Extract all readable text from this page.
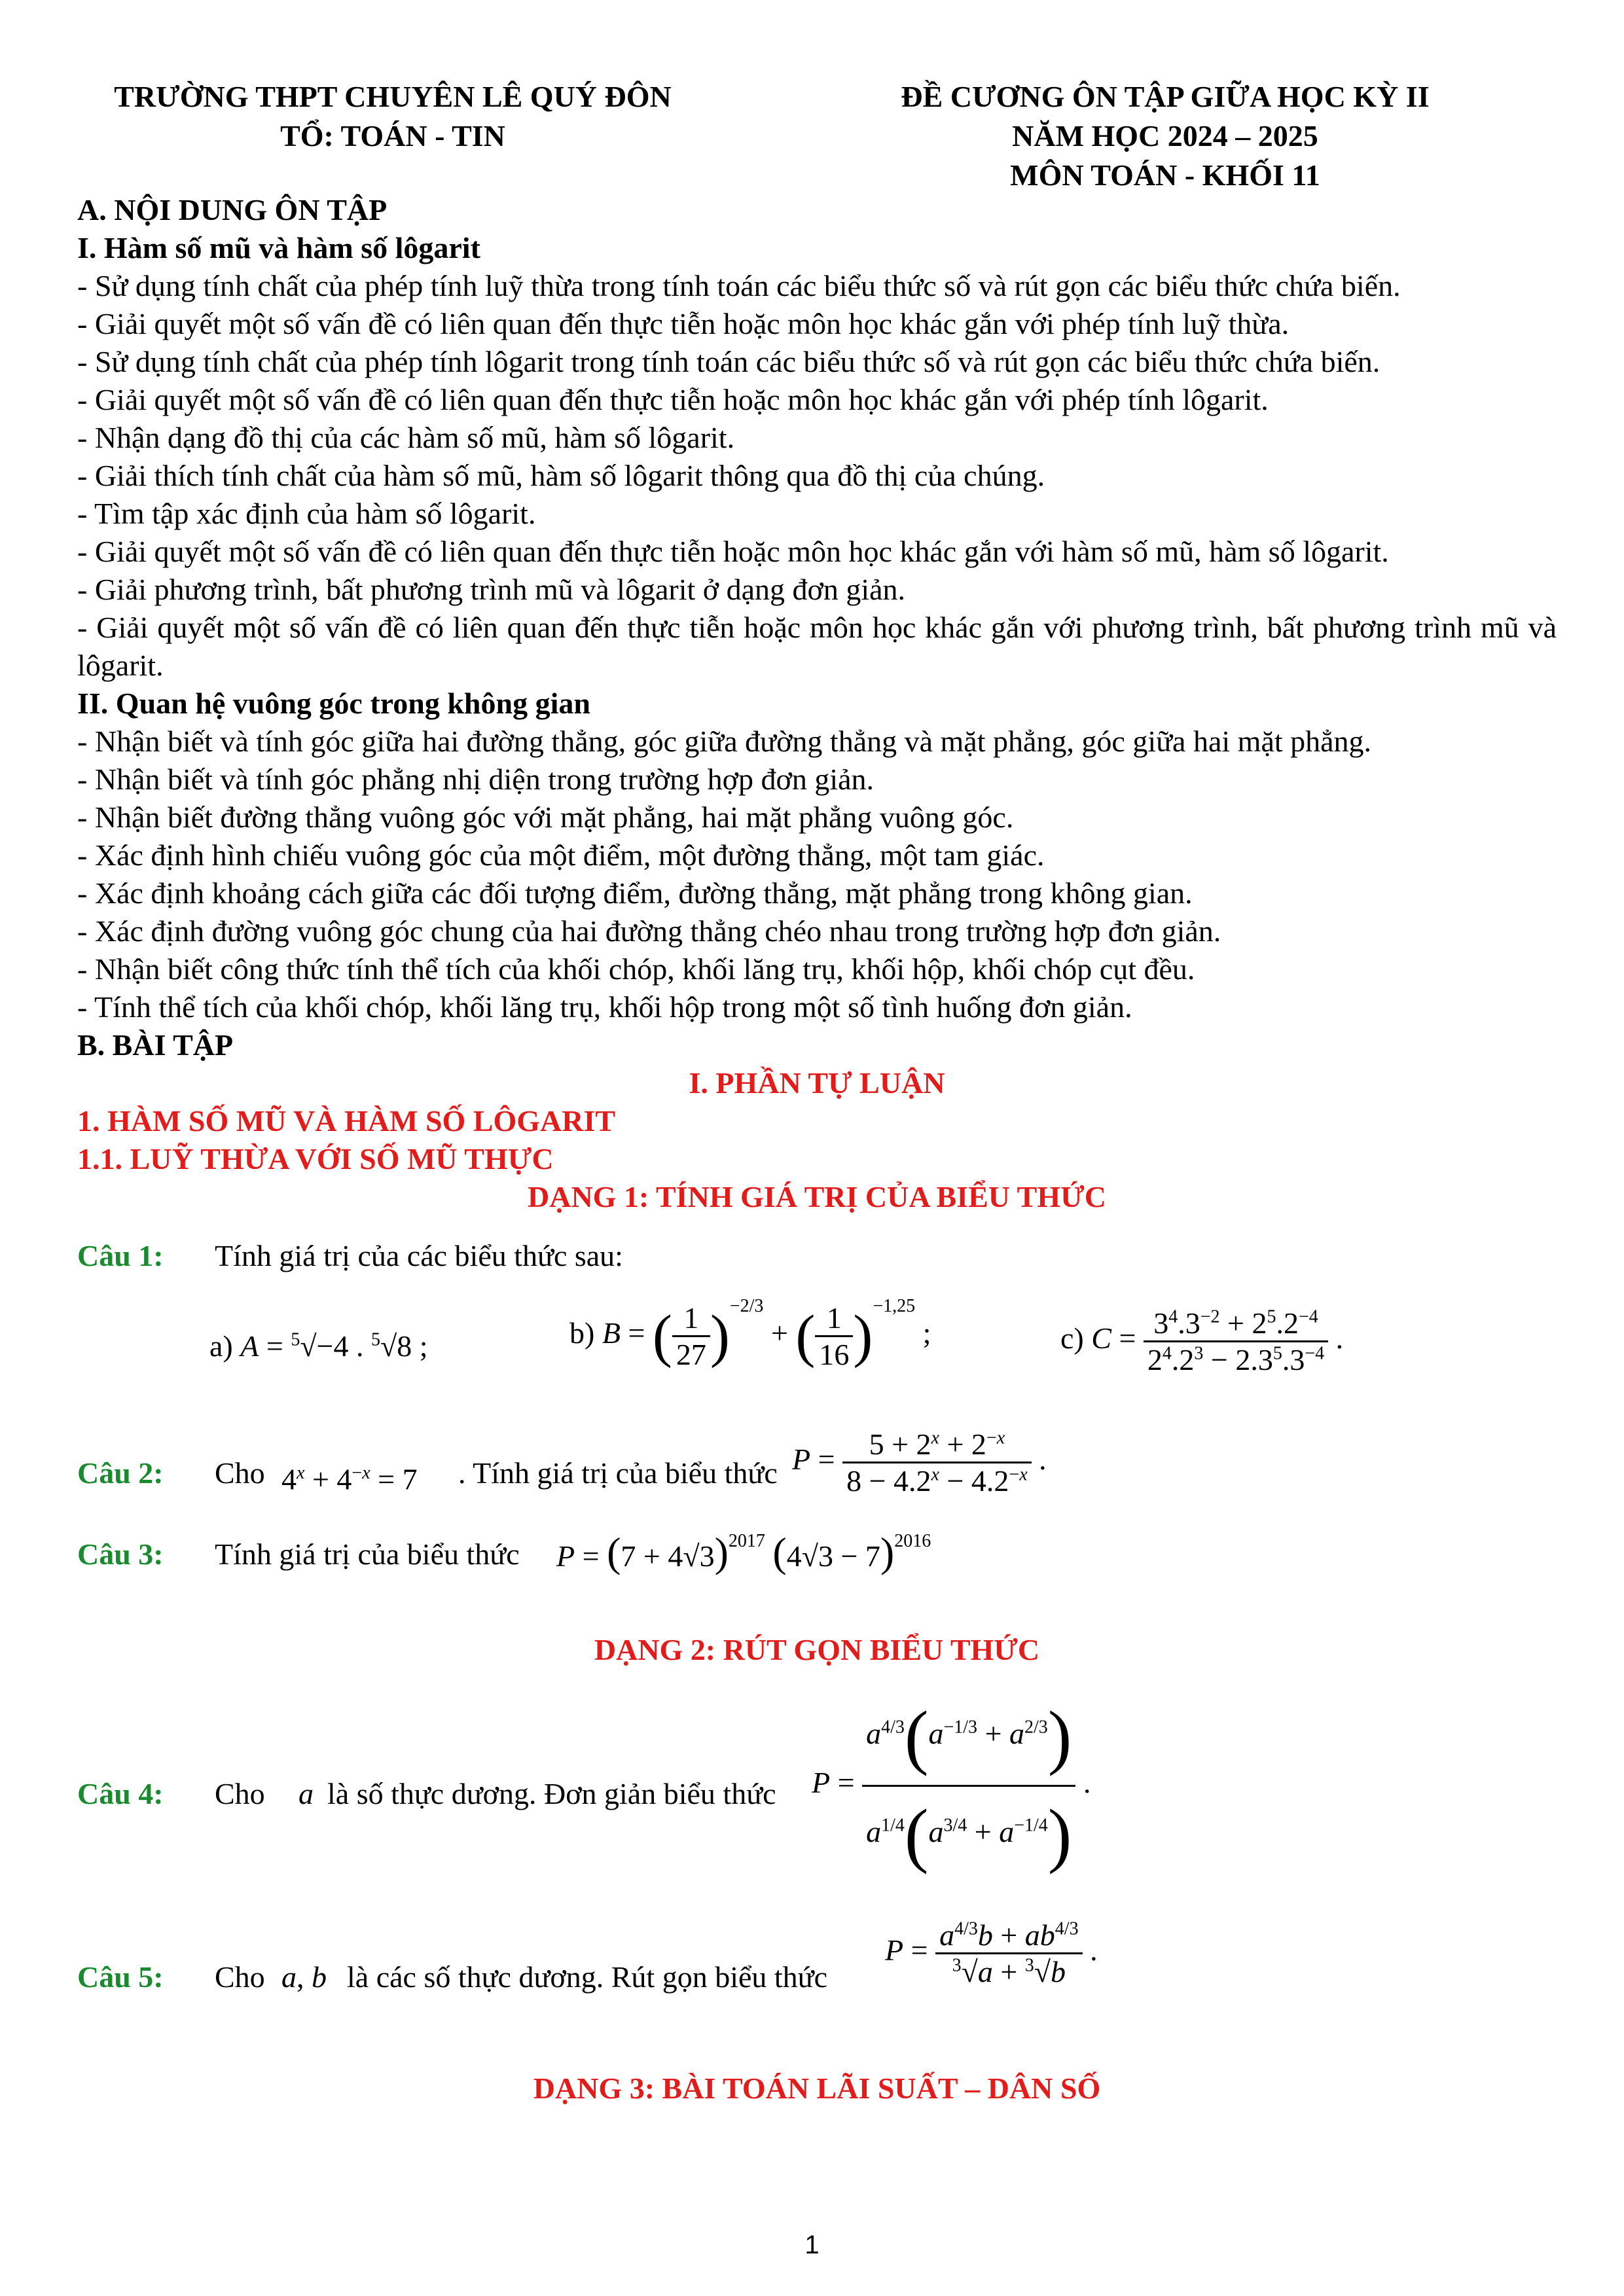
TRƯỜNG THPT CHUYÊN LÊ QUÝ ĐÔN
TỔ: TOÁN - TIN
ĐỀ CƯƠNG ÔN TẬP GIỮA HỌC KỲ II
NĂM HỌC 2024 – 2025
MÔN TOÁN - KHỐI 11
A. NỘI DUNG ÔN TẬP
I. Hàm số mũ và hàm số lôgarit
- Sử dụng tính chất của phép tính luỹ thừa trong tính toán các biểu thức số và rút gọn các biểu thức chứa biến.
- Giải quyết một số vấn đề có liên quan đến thực tiễn hoặc môn học khác gắn với phép tính luỹ thừa.
- Sử dụng tính chất của phép tính lôgarit trong tính toán các biểu thức số và rút gọn các biểu thức chứa biến.
- Giải quyết một số vấn đề có liên quan đến thực tiễn hoặc môn học khác gắn với phép tính lôgarit.
- Nhận dạng đồ thị của các hàm số mũ, hàm số lôgarit.
- Giải thích tính chất của hàm số mũ, hàm số lôgarit thông qua đồ thị của chúng.
- Tìm tập xác định của hàm số lôgarit.
- Giải quyết một số vấn đề có liên quan đến thực tiễn hoặc môn học khác gắn với hàm số mũ, hàm số lôgarit.
- Giải phương trình, bất phương trình mũ và lôgarit ở dạng đơn giản.
- Giải quyết một số vấn đề có liên quan đến thực tiễn hoặc môn học khác gắn với phương trình, bất phương trình mũ và lôgarit.
II. Quan hệ vuông góc trong không gian
- Nhận biết và tính góc giữa hai đường thẳng, góc giữa đường thẳng và mặt phẳng, góc giữa hai mặt phẳng.
- Nhận biết và tính góc phẳng nhị diện trong trường hợp đơn giản.
- Nhận biết đường thẳng vuông góc với mặt phẳng, hai mặt phẳng vuông góc.
- Xác định hình chiếu vuông góc của một điểm, một đường thẳng, một tam giác.
- Xác định khoảng cách giữa các đối tượng điểm, đường thẳng, mặt phẳng trong không gian.
- Xác định đường vuông góc chung của hai đường thẳng chéo nhau trong trường hợp đơn giản.
- Nhận biết công thức tính thể tích của khối chóp, khối lăng trụ, khối hộp, khối chóp cụt đều.
- Tính thể tích của khối chóp, khối lăng trụ, khối hộp trong một số tình huống đơn giản.
B. BÀI TẬP
I. PHẦN TỰ LUẬN
1. HÀM SỐ MŨ VÀ HÀM SỐ LÔGARIT
1.1. LUỸ THỪA VỚI SỐ MŨ THỰC
DẠNG 1: TÍNH GIÁ TRỊ CỦA BIỂU THỨC
Câu 1: Tính giá trị của các biểu thức sau:
a) A = $^5$√−4 . $^5$√8 ;	b) B = ( $\frac{1}{27} )^{-2/3}$ + ( $\frac{1}{16} )^{-1,25}$ ;	c) $C = \frac{3^4.3^{-2} + 2^5.2^{-4}}{2^4.2^3 - 2.3^5.3^{-4}}$ .
Câu 2: Cho $4^x + 4^{-x} = 7$ . Tính giá trị của biểu thức $P = \frac{5 + 2^x + 2^{-x}}{8 - 4.2^x - 4.2^{-x}}$ .
Câu 3: Tính giá trị của biểu thức $P = (7 + 4√3)^{2017}$ $(4√3 - 7)^{2016}$
DẠNG 2: RÚT GỌN BIỂU THỨC
Câu 4: Cho a là số thực dương. Đơn giản biểu thức $P = \frac{a^{4/3}(a^{-1/3} + a^{2/3})}{a^{1/4}(a^{3/4} + a^{-1/4})}$ .
Câu 5: Cho a, b là các số thực dương. Rút gọn biểu thức
$P = \frac{a^{4/3}b + ab^{4/3}}{^3√a + ^3√b}$ .
DẠNG 3: BÀI TOÁN LÃI SUẤT – DÂN SỐ
1
